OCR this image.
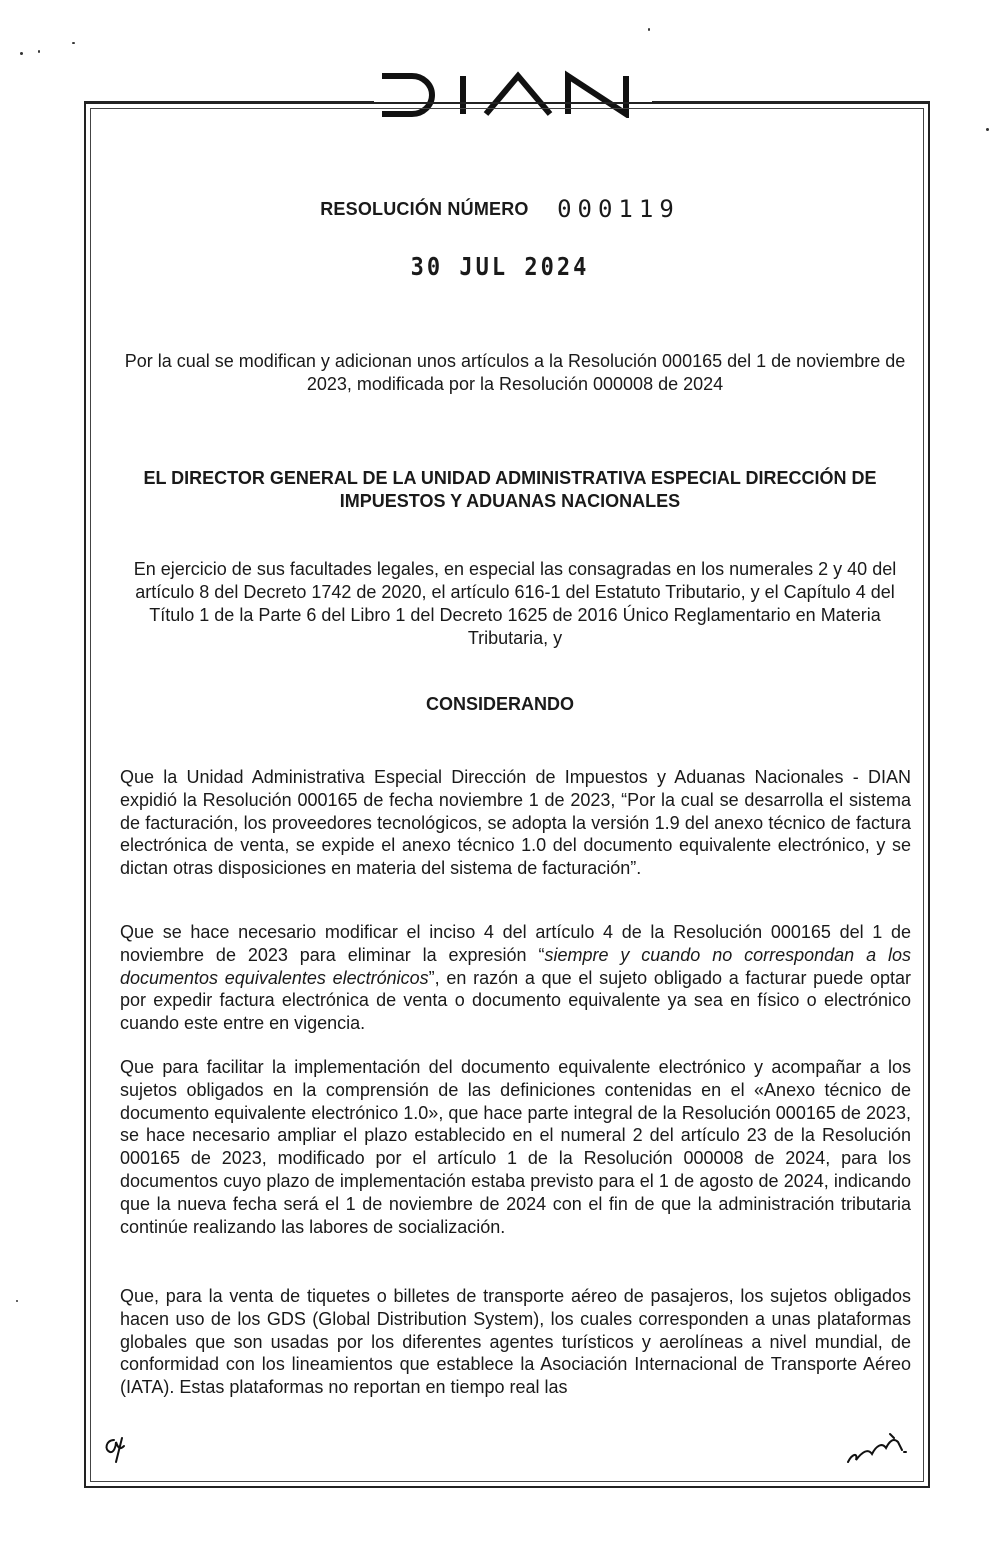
RESOLUCIÓN NÚMERO 000119
30 JUL 2024
Por la cual se modifican y adicionan unos artículos a la Resolución 000165 del 1 de noviembre de 2023, modificada por la Resolución 000008 de 2024
EL DIRECTOR GENERAL DE LA UNIDAD ADMINISTRATIVA ESPECIAL DIRECCIÓN DE IMPUESTOS Y ADUANAS NACIONALES
En ejercicio de sus facultades legales, en especial las consagradas en los numerales 2 y 40 del artículo 8 del Decreto 1742 de 2020, el artículo 616-1 del Estatuto Tributario, y el Capítulo 4 del Título 1 de la Parte 6 del Libro 1 del Decreto 1625 de 2016 Único Reglamentario en Materia Tributaria, y
CONSIDERANDO

Que la Unidad Administrativa Especial Dirección de Impuestos y Aduanas Nacionales - DIAN expidió la Resolución 000165 de fecha noviembre 1 de 2023, “Por la cual se desarrolla el sistema de facturación, los proveedores tecnológicos, se adopta la versión 1.9 del anexo técnico de factura electrónica de venta, se expide el anexo técnico 1.0 del documento equivalente electrónico, y se dictan otras disposiciones en materia del sistema de facturación”.

Que se hace necesario modificar el inciso 4 del artículo 4 de la Resolución 000165 del 1 de noviembre de 2023 para eliminar la expresión “siempre y cuando no correspondan a los documentos equivalentes electrónicos”, en razón a que el sujeto obligado a facturar puede optar por expedir factura electrónica de venta o documento equivalente ya sea en físico o electrónico cuando este entre en vigencia.

Que para facilitar la implementación del documento equivalente electrónico y acompañar a los sujetos obligados en la comprensión de las definiciones contenidas en el «Anexo técnico de documento equivalente electrónico 1.0», que hace parte integral de la Resolución 000165 de 2023, se hace necesario ampliar el plazo establecido en el numeral 2 del artículo 23 de la Resolución 000165 de 2023, modificado por el artículo 1 de la Resolución 000008 de 2024, para los documentos cuyo plazo de implementación estaba previsto para el 1 de agosto de 2024, indicando que la nueva fecha será el 1 de noviembre de 2024 con el fin de que la administración tributaria continúe realizando las labores de socialización.

Que, para la venta de tiquetes o billetes de transporte aéreo de pasajeros, los sujetos obligados hacen uso de los GDS (Global Distribution System), los cuales corresponden a unas plataformas globales que son usadas por los diferentes agentes turísticos y aerolíneas a nivel mundial, de conformidad con los lineamientos que establece la Asociación Internacional de Transporte Aéreo (IATA). Estas plataformas no reportan en tiempo real las
